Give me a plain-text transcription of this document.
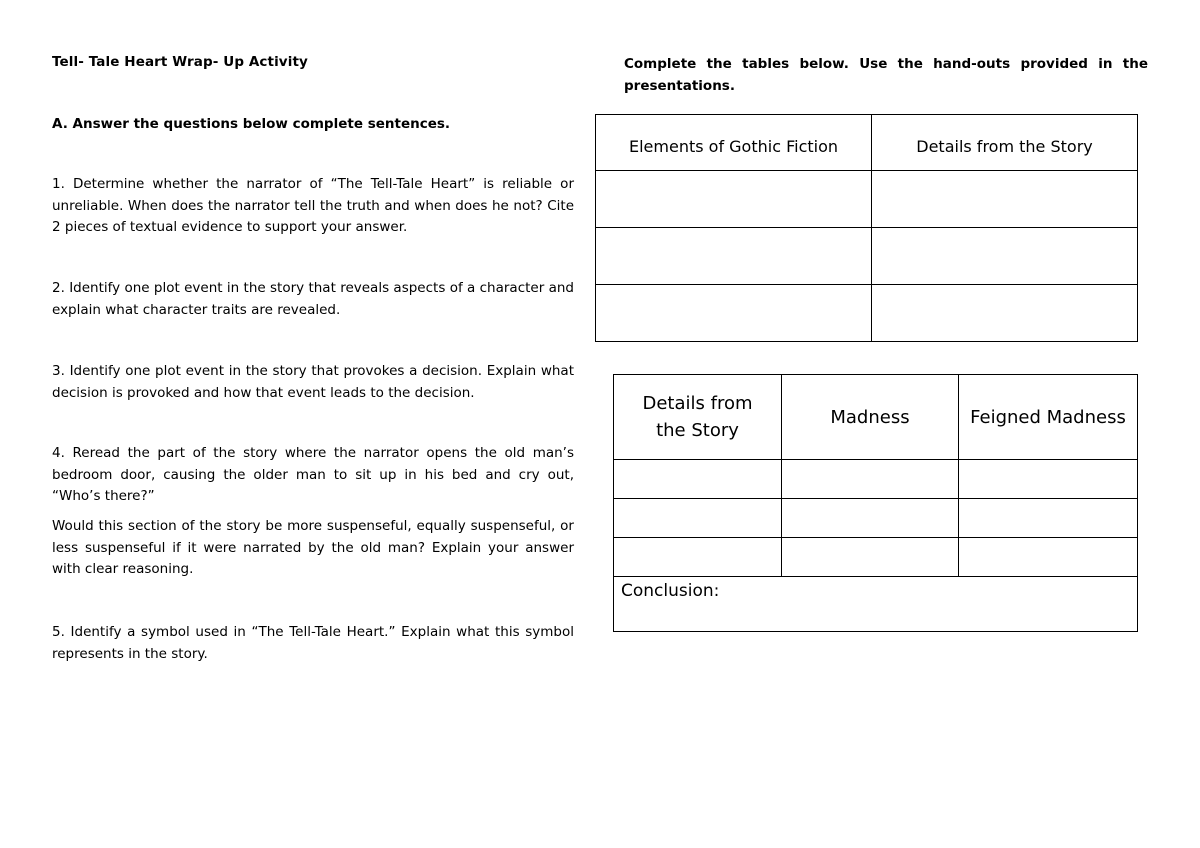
Tell- Tale Heart Wrap- Up Activity
A. Answer the questions below complete sentences.
1. Determine whether the narrator of “The Tell-Tale Heart” is reliable or unreliable. When does the narrator tell the truth and when does he not? Cite 2 pieces of textual evidence to support your answer.
2. Identify one plot event in the story that reveals aspects of a character and explain what character traits are revealed.
3. Identify one plot event in the story that provokes a decision. Explain what decision is provoked and how that event leads to the decision.
4. Reread the part of the story where the narrator opens the old man’s bedroom door, causing the older man to sit up in his bed and cry out, “Who’s there?”
Would this section of the story be more suspenseful, equally suspenseful, or less suspenseful if it were narrated by the old man? Explain your answer with clear reasoning.
5. Identify a symbol used in “The Tell-Tale Heart.” Explain what this symbol represents in the story.
Complete the tables below. Use the hand-outs provided in the presentations.
Elements of Gothic Fiction	Details from the Story

Details from the Story	Madness	Feigned Madness

Conclusion:		
